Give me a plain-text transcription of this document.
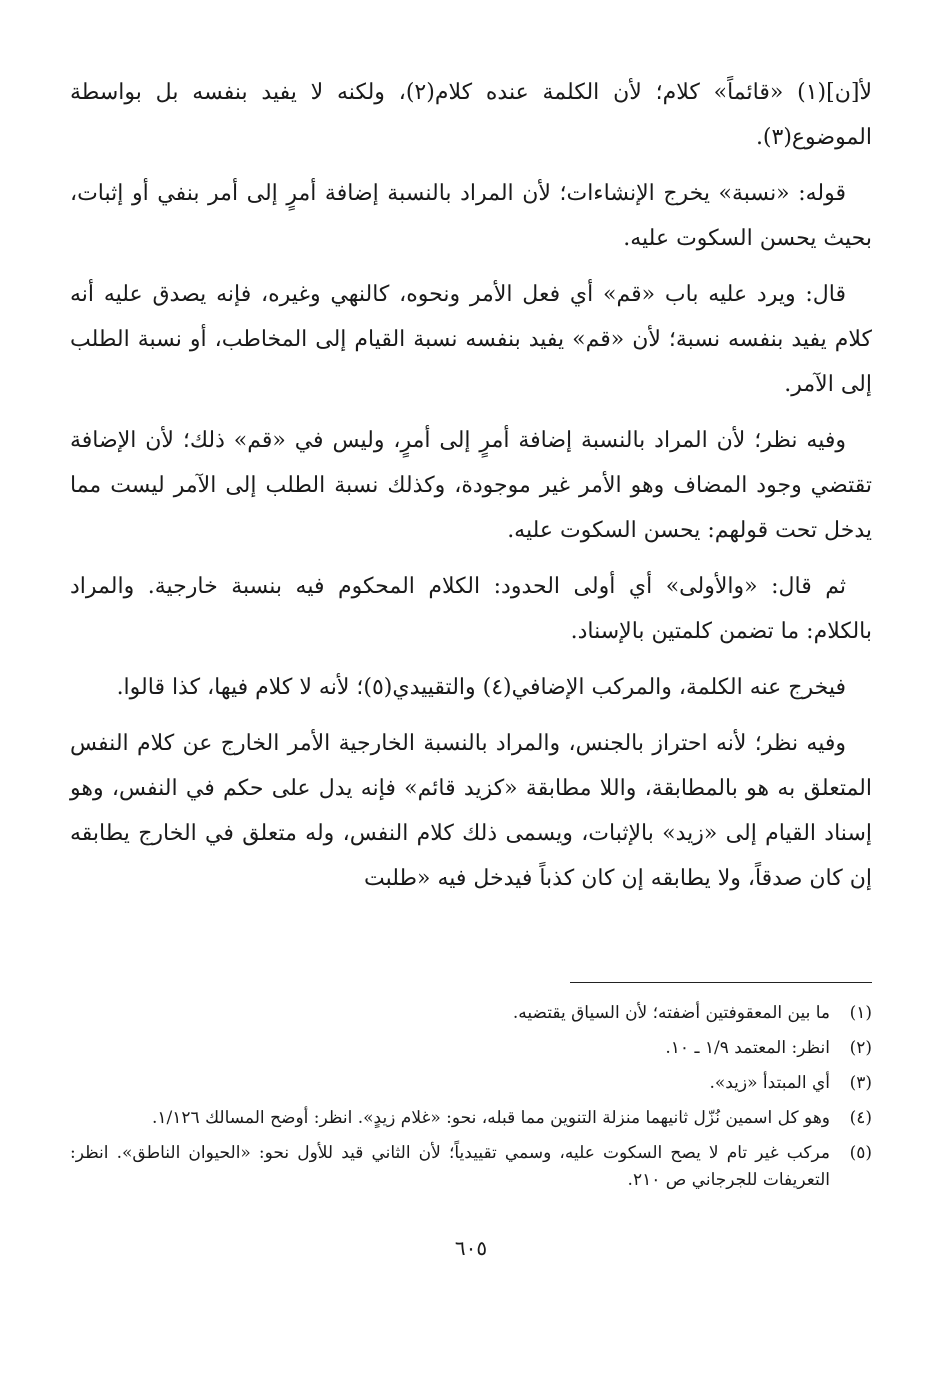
لأ[ن](١) «قائماً» كلام؛ لأن الكلمة عنده كلام(٢)، ولكنه لا يفيد بنفسه بل بواسطة الموضوع(٣).

قوله: «نسبة» يخرج الإنشاءات؛ لأن المراد بالنسبة إضافة أمرٍ إلى أمر بنفي أو إثبات، بحيث يحسن السكوت عليه.

قال: ويرد عليه باب «قم» أي فعل الأمر ونحوه، كالنهي وغيره، فإنه يصدق عليه أنه كلام يفيد بنفسه نسبة؛ لأن «قم» يفيد بنفسه نسبة القيام إلى المخاطب، أو نسبة الطلب إلى الآمر.

وفيه نظر؛ لأن المراد بالنسبة إضافة أمرٍ إلى أمرٍ، وليس في «قم» ذلك؛ لأن الإضافة تقتضي وجود المضاف وهو الأمر غير موجودة، وكذلك نسبة الطلب إلى الآمر ليست مما يدخل تحت قولهم: يحسن السكوت عليه.

ثم قال: «والأولى» أي أولى الحدود: الكلام المحكوم فيه بنسبة خارجية. والمراد بالكلام: ما تضمن كلمتين بالإسناد.

فيخرج عنه الكلمة، والمركب الإضافي(٤) والتقييدي(٥)؛ لأنه لا كلام فيها، كذا قالوا.

وفيه نظر؛ لأنه احتراز بالجنس، والمراد بالنسبة الخارجية الأمر الخارج عن كلام النفس المتعلق به هو بالمطابقة، واللا مطابقة «كزيد قائم» فإنه يدل على حكم في النفس، وهو إسناد القيام إلى «زيد» بالإثبات، ويسمى ذلك كلام النفس، وله متعلق في الخارج يطابقه إن كان صدقاً، ولا يطابقه إن كان كذباً فيدخل فيه «طلبت

(١)
ما بين المعقوفتين أضفته؛ لأن السياق يقتضيه.
(٢)
انظر: المعتمد ١/٩ ـ ١٠.
(٣)
أي المبتدأ «زيد».
(٤)
وهو كل اسمين نُزّل ثانيهما منزلة التنوين مما قبله، نحو: «غلام زيدٍ». انظر: أوضح المسالك ١/١٢٦.
(٥)
مركب غير تام لا يصح السكوت عليه، وسمي تقييدياً؛ لأن الثاني قيد للأول نحو: «الحيوان الناطق». انظر: التعريفات للجرجاني ص ٢١٠.
٦٠٥
